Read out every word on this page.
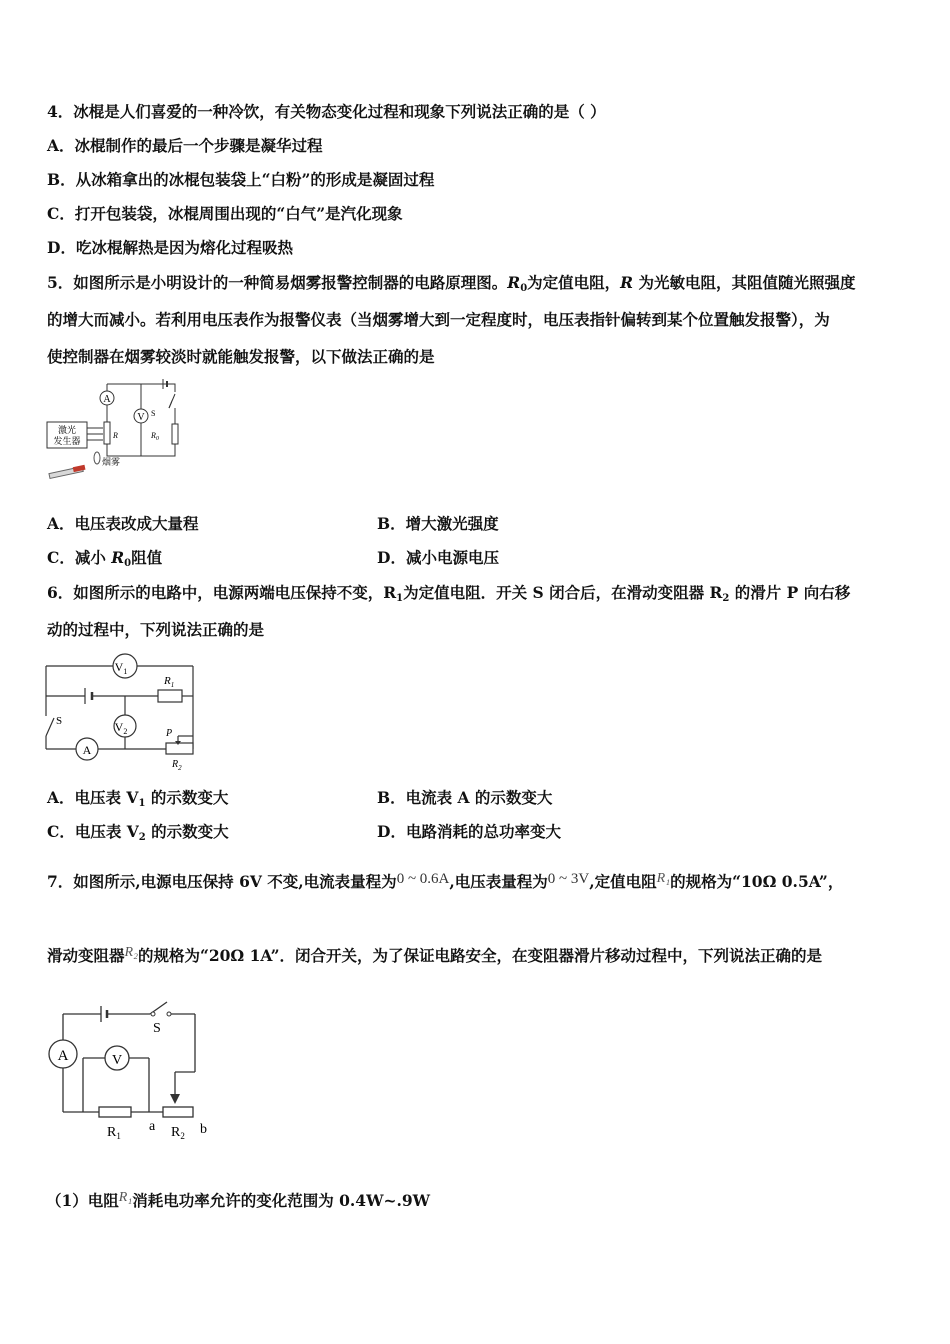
4．冰棍是人们喜爱的一种冷饮，有关物态变化过程和现象下列说法正确的是（ ）
A．冰棍制作的最后一个步骤是凝华过程
B．从冰箱拿出的冰棍包装袋上“白粉”的形成是凝固过程
C．打开包装袋，冰棍周围出现的“白气”是汽化现象
D．吃冰棍解热是因为熔化过程吸热
5．如图所示是小明设计的一种简易烟雾报警控制器的电路原理图。$R_0$为定值电阻，R 为光敏电阻，其阻值随光照强度
的增大而减小。若利用电压表作为报警仪表（当烟雾增大到一定程度时，电压表指针偏转到某个位置触发报警），为
使控制器在烟雾较淡时就能触发报警，以下做法正确的是
A
R
V S
$R_0$
激光
发生器
烟雾
A．电压表改成大量程	B．增大激光强度
C．减小 $R_0$阻值	D．减小电源电压
6．如图所示的电路中，电源两端电压保持不变，$R_1$为定值电阻．开关 S 闭合后，在滑动变阻器 $R_2$ 的滑片 P 向右移
动的过程中，下列说法正确的是
S
$V_1$
$R_1$
$V_2$
A
P
$R_2$
A．电压表 $V_1$ 的示数变大	B．电流表 A 的示数变大
C．电压表 $V_2$ 的示数变大	D．电路消耗的总功率变大
7．如图所示,电源电压保持 6V 不变,电流表量程为0 ~ 0.6A,电压表量程为0 ~ 3V,定值电阻R₁的规格为“10Ω 0.5A”，
滑动变阻器R₂的规格为“20Ω 1A”．闭合开关，为了保证电路安全，在变阻器滑片移动过程中，下列说法正确的是
S
A	V
$R_1$
a $R_2$ b
（1）电阻R₁消耗电功率允许的变化范围为 0.4W~.9W
